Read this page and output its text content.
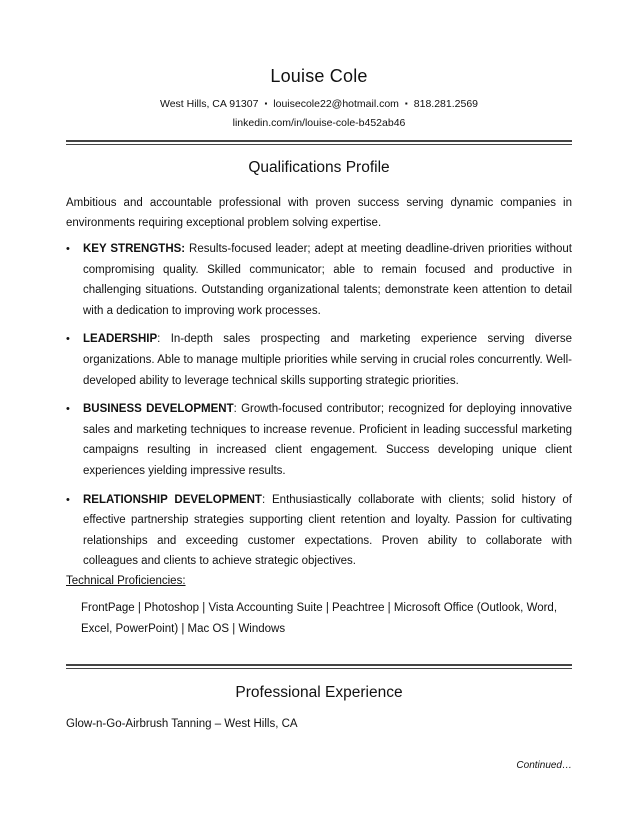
Louise Cole
West Hills, CA 91307 ▪ louisecole22@hotmail.com ▪ 818.281.2569
linkedin.com/in/louise-cole-b452ab46
Qualifications Profile
Ambitious and accountable professional with proven success serving dynamic companies in environments requiring exceptional problem solving expertise.
• KEY STRENGTHS: Results-focused leader; adept at meeting deadline-driven priorities without compromising quality. Skilled communicator; able to remain focused and productive in challenging situations. Outstanding organizational talents; demonstrate keen attention to detail with a dedication to improving work processes.
• LEADERSHIP: In-depth sales prospecting and marketing experience serving diverse organizations. Able to manage multiple priorities while serving in crucial roles concurrently. Well-developed ability to leverage technical skills supporting strategic priorities.
• BUSINESS DEVELOPMENT: Growth-focused contributor; recognized for deploying innovative sales and marketing techniques to increase revenue. Proficient in leading successful marketing campaigns resulting in increased client engagement. Success developing unique client experiences yielding impressive results.
• RELATIONSHIP DEVELOPMENT: Enthusiastically collaborate with clients; solid history of effective partnership strategies supporting client retention and loyalty. Passion for cultivating relationships and exceeding customer expectations. Proven ability to collaborate with colleagues and clients to achieve strategic objectives.
Technical Proficiencies:
FrontPage | Photoshop | Vista Accounting Suite | Peachtree | Microsoft Office (Outlook, Word, Excel, PowerPoint) | Mac OS | Windows
Professional Experience
Glow-n-Go-Airbrush Tanning – West Hills, CA
Continued…
